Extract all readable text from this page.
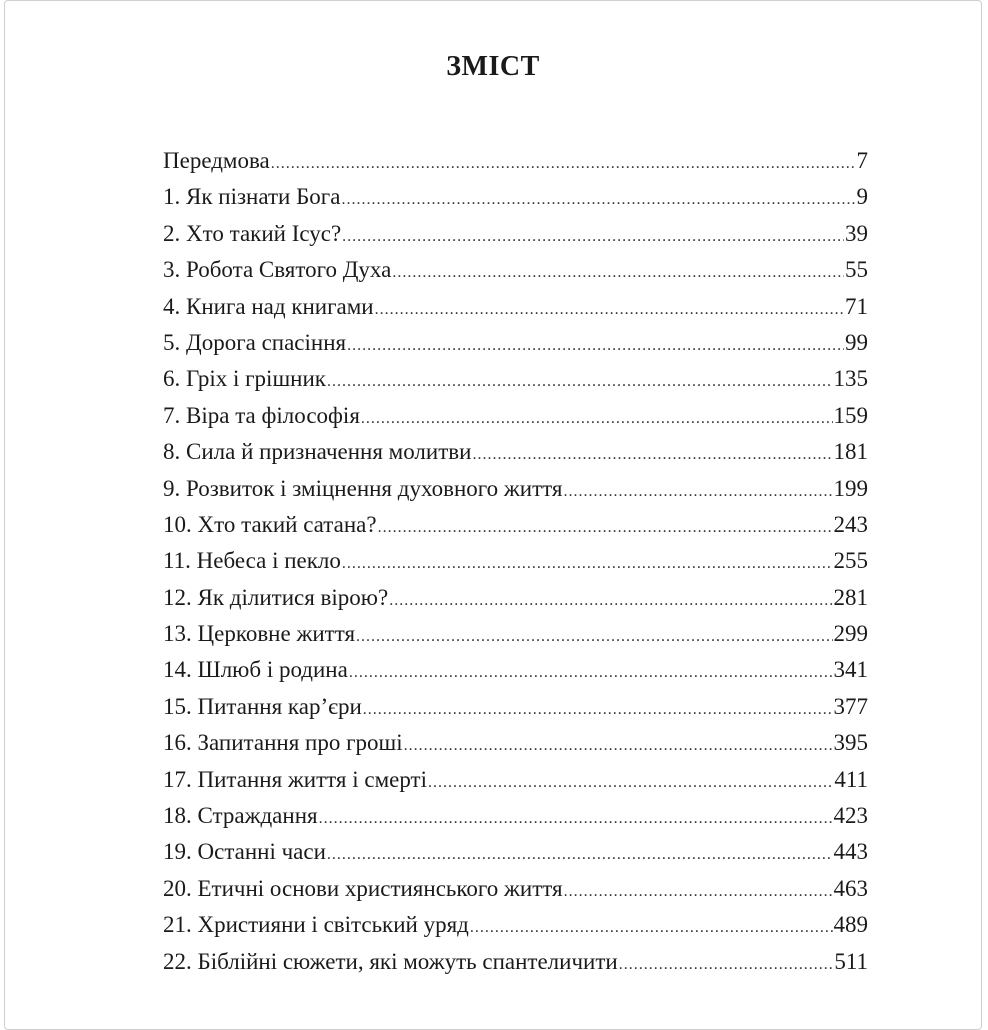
ЗМІСТ
Передмова .....	7
1. Як пізнати Бога .....	9
2. Хто такий Ісус? .....	39
3. Робота Святого Духа .....	55
4. Книга над книгами .....	71
5. Дорога спасіння .....	99
6. Гріх і грішник .....	135
7. Віра та філософія .....	159
8. Сила й призначення молитви .....	181
9. Розвиток і зміцнення духовного життя .....	199
10. Хто такий сатана? .....	243
11. Небеса і пекло .....	255
12. Як ділитися вірою? .....	281
13. Церковне життя .....	299
14. Шлюб і родина .....	341
15. Питання кар’єри .....	377
16. Запитання про гроші .....	395
17. Питання життя і смерті .....	411
18. Страждання .....	423
19. Останні часи .....	443
20. Етичні основи християнського життя .....	463
21. Християни і світський уряд .....	489
22. Біблійні сюжети, які можуть спантеличити .....	511
